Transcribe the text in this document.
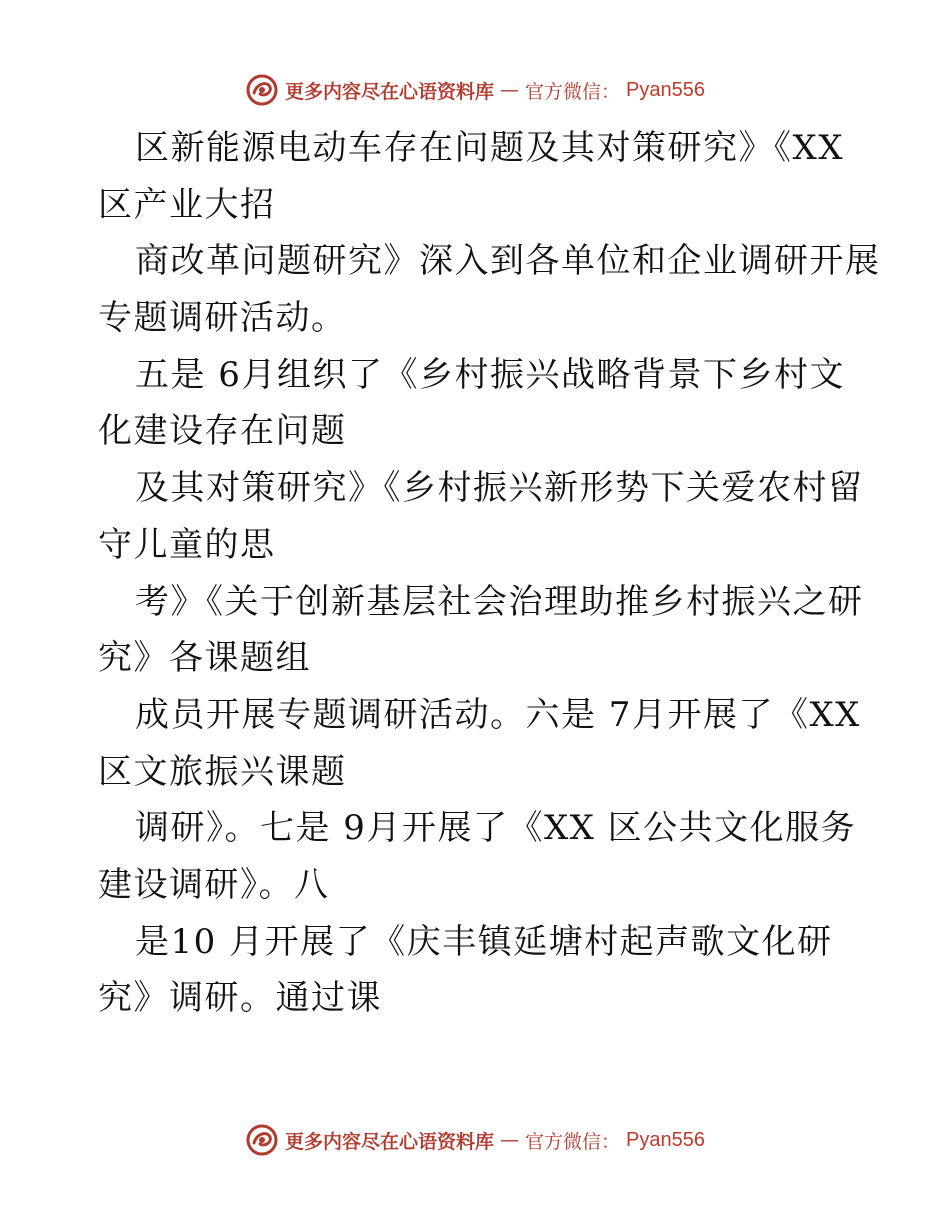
更多内容尽在心语资料库 — 官方微信： Pyan556
区新能源电动车存在问题及其对策研究》《XX
区产业大招
商改革问题研究》深入到各单位和企业调研开展
专题调研活动。
五是 6月组织了《乡村振兴战略背景下乡村文
化建设存在问题
及其对策研究》《乡村振兴新形势下关爱农村留
守儿童的思
考》《关于创新基层社会治理助推乡村振兴之研
究》各课题组
成员开展专题调研活动。六是 7月开展了《XX
区文旅振兴课题
调研》。七是 9月开展了《XX 区公共文化服务
建设调研》。八
是10 月开展了《庆丰镇延塘村起声歌文化研
究》调研。通过课
更多内容尽在心语资料库 — 官方微信： Pyan556
